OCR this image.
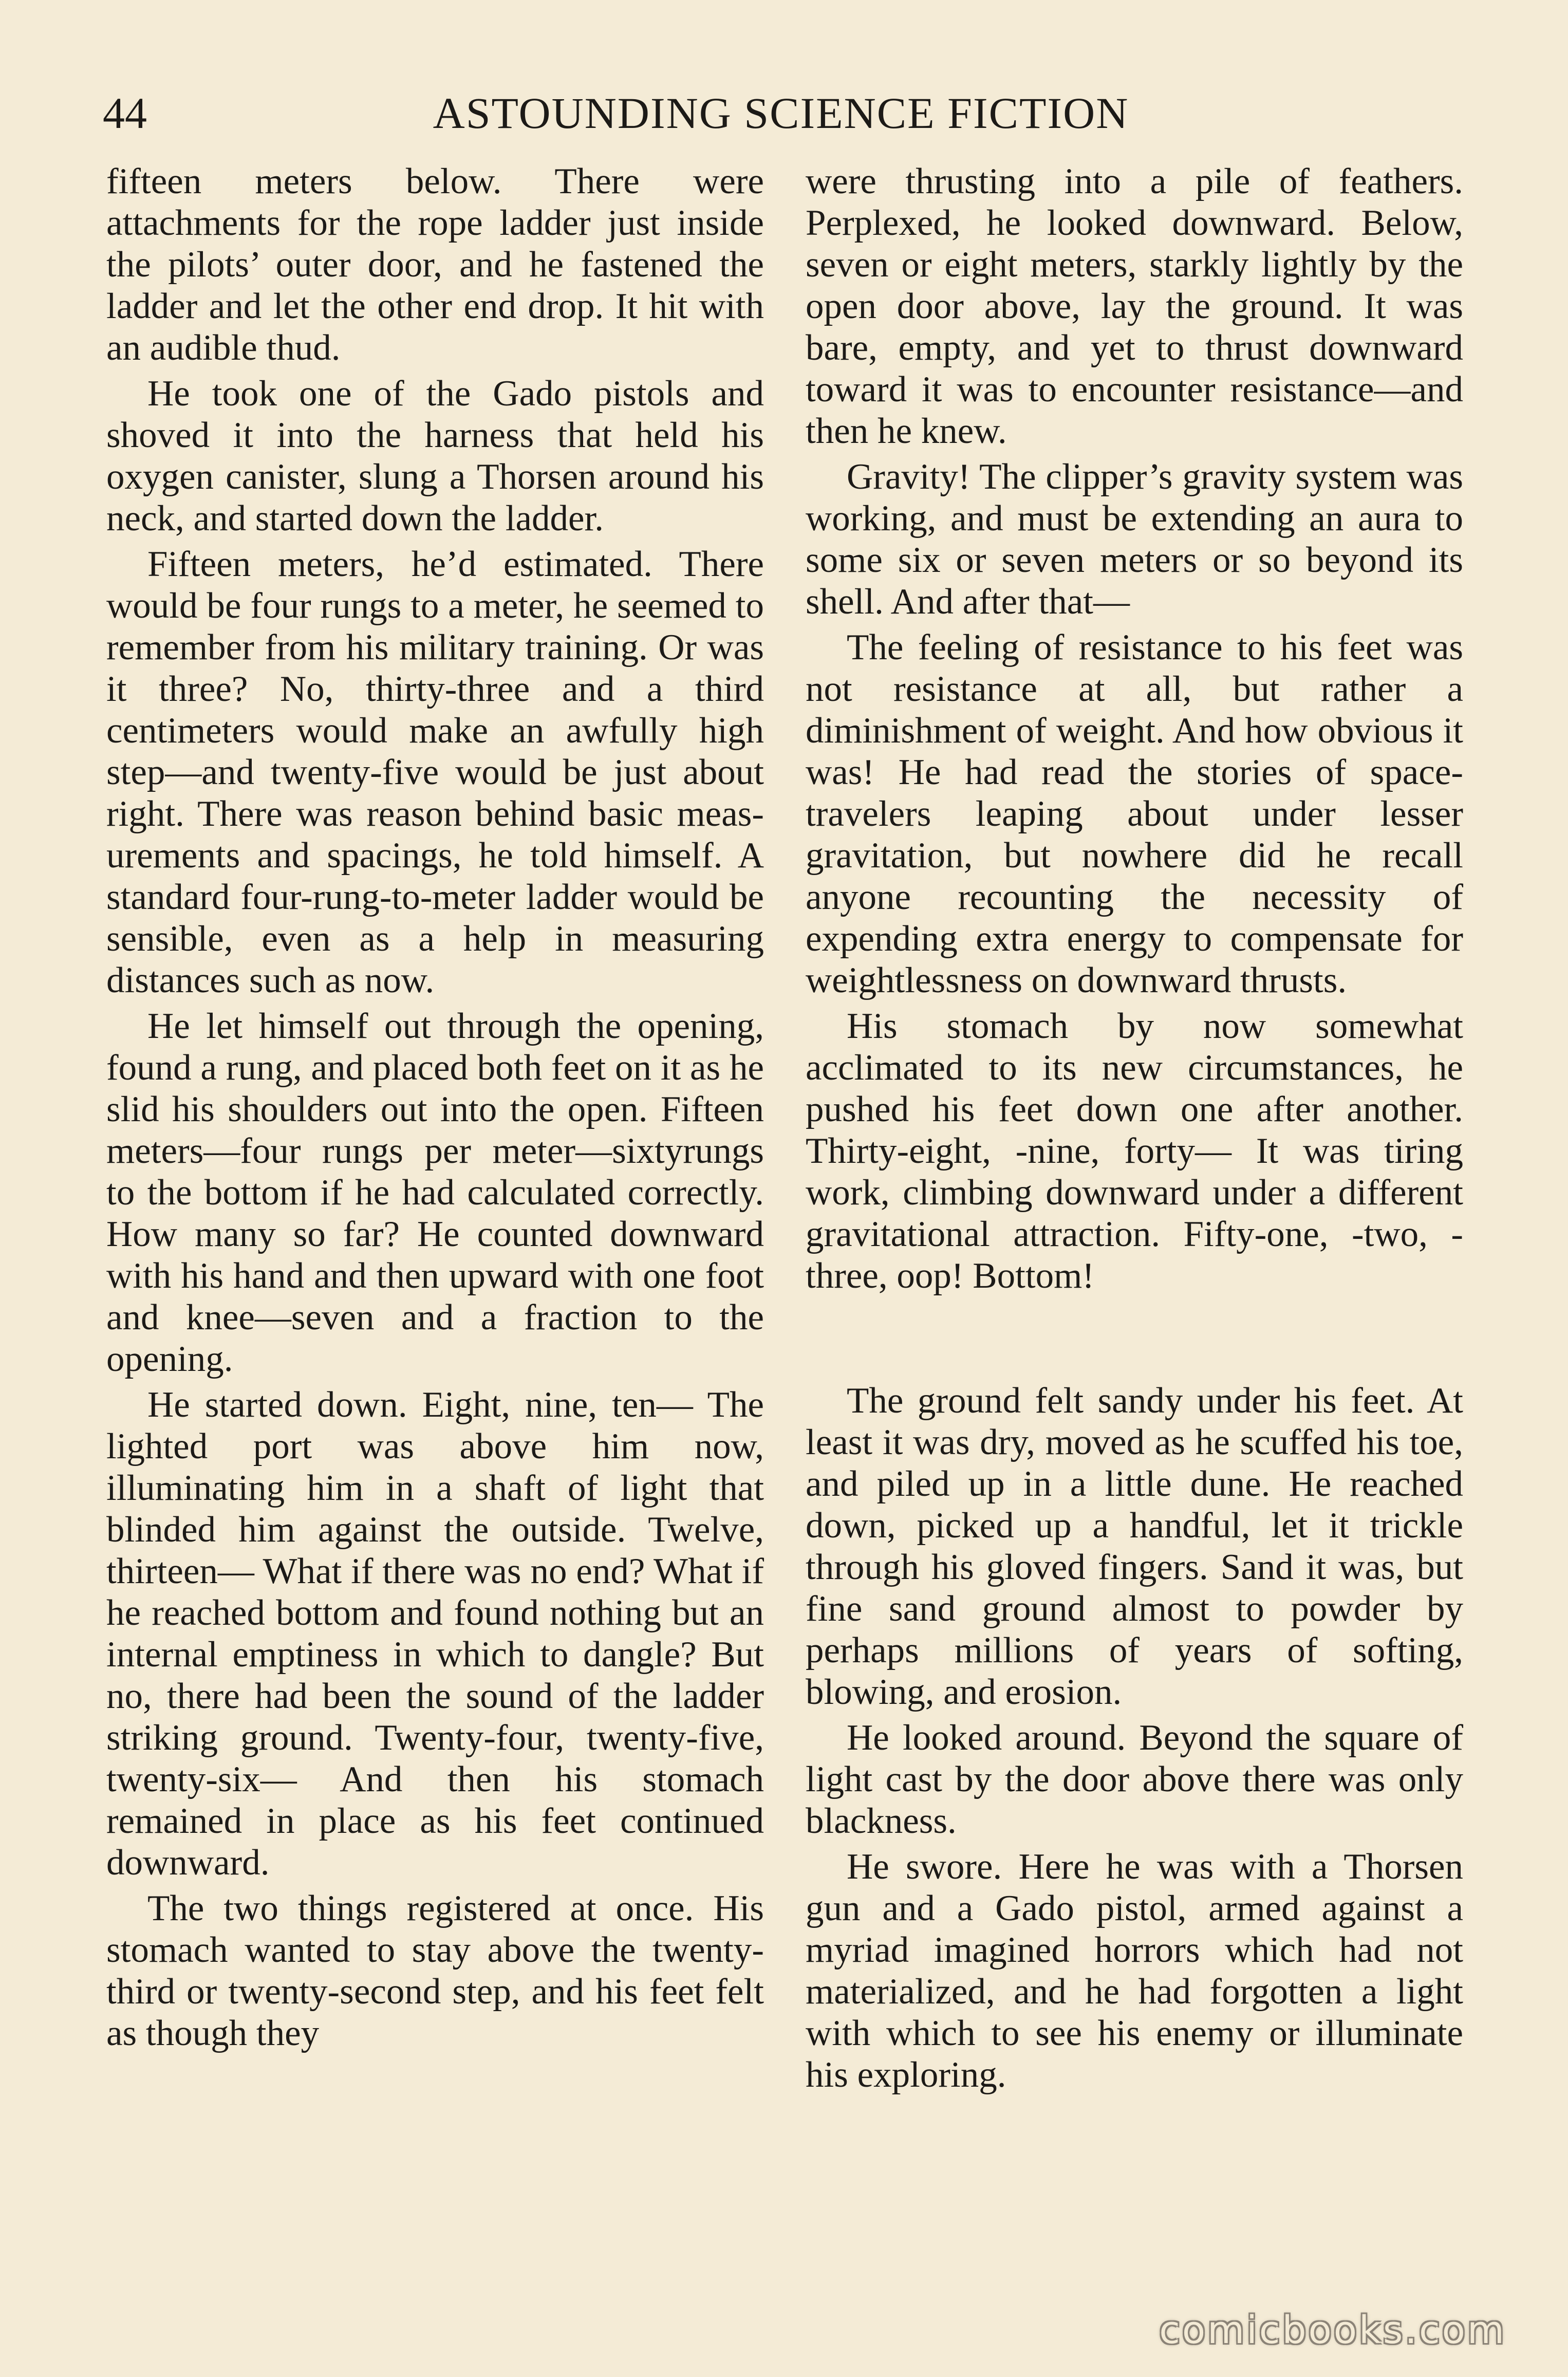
44	ASTOUNDING SCIENCE FICTION

fifteen meters below. There were attachments for the rope ladder just inside the pilots’ outer door, and he fastened the ladder and let the other end drop. It hit with an audible thud.

He took one of the Gado pistols and shoved it into the harness that held his oxygen canister, slung a Thorsen around his neck, and started down the ladder.

Fifteen meters, he’d estimated. There would be four rungs to a meter, he seemed to remember from his military training. Or was it three? No, thirty-three and a third centimeters would make an awfully high step—and twenty-five would be just about right. There was reason behind basic measurements and spacings, he told himself. A standard four-rung-to-meter ladder would be sensible, even as a help in measuring distances such as now.

He let himself out through the opening, found a rung, and placed both feet on it as he slid his shoulders out into the open. Fifteen meters—four rungs per meter—sixtyrungs to the bottom if he had calculated correctly. How many so far? He counted downward with his hand and then upward with one foot and knee—seven and a fraction to the opening.

He started down. Eight, nine, ten— The lighted port was above him now, illuminating him in a shaft of light that blinded him against the outside. Twelve, thirteen— What if there was no end? What if he reached bottom and found nothing but an internal emptiness in which to dangle? But no, there had been the sound of the ladder striking ground. Twenty-four, twenty-five, twenty-six— And then his stomach remained in place as his feet continued downward.

The two things registered at once. His stomach wanted to stay above the twenty-third or twenty-second step, and his feet felt as though they

were thrusting into a pile of feathers. Perplexed, he looked downward. Below, seven or eight meters, starkly lightly by the open door above, lay the ground. It was bare, empty, and yet to thrust downward toward it was to encounter resistance—and then he knew.

Gravity! The clipper’s gravity system was working, and must be extending an aura to some six or seven meters or so beyond its shell. And after that—

The feeling of resistance to his feet was not resistance at all, but rather a diminishment of weight. And how obvious it was! He had read the stories of space-travelers leaping about under lesser gravitation, but nowhere did he recall anyone recounting the necessity of expending extra energy to compensate for weightlessness on downward thrusts.

His stomach by now somewhat acclimated to its new circumstances, he pushed his feet down one after another. Thirty-eight, -nine, forty— It was tiring work, climbing downward under a different gravitational attraction. Fifty-one, -two, -three, oop! Bottom!

The ground felt sandy under his feet. At least it was dry, moved as he scuffed his toe, and piled up in a little dune. He reached down, picked up a handful, let it trickle through his gloved fingers. Sand it was, but fine sand ground almost to powder by perhaps millions of years of softing, blowing, and erosion.

He looked around. Beyond the square of light cast by the door above there was only blackness.

He swore. Here he was with a Thorsen gun and a Gado pistol, armed against a myriad imagined horrors which had not materialized, and he had forgotten a light with which to see his enemy or illuminate his exploring.

comicbooks.com
